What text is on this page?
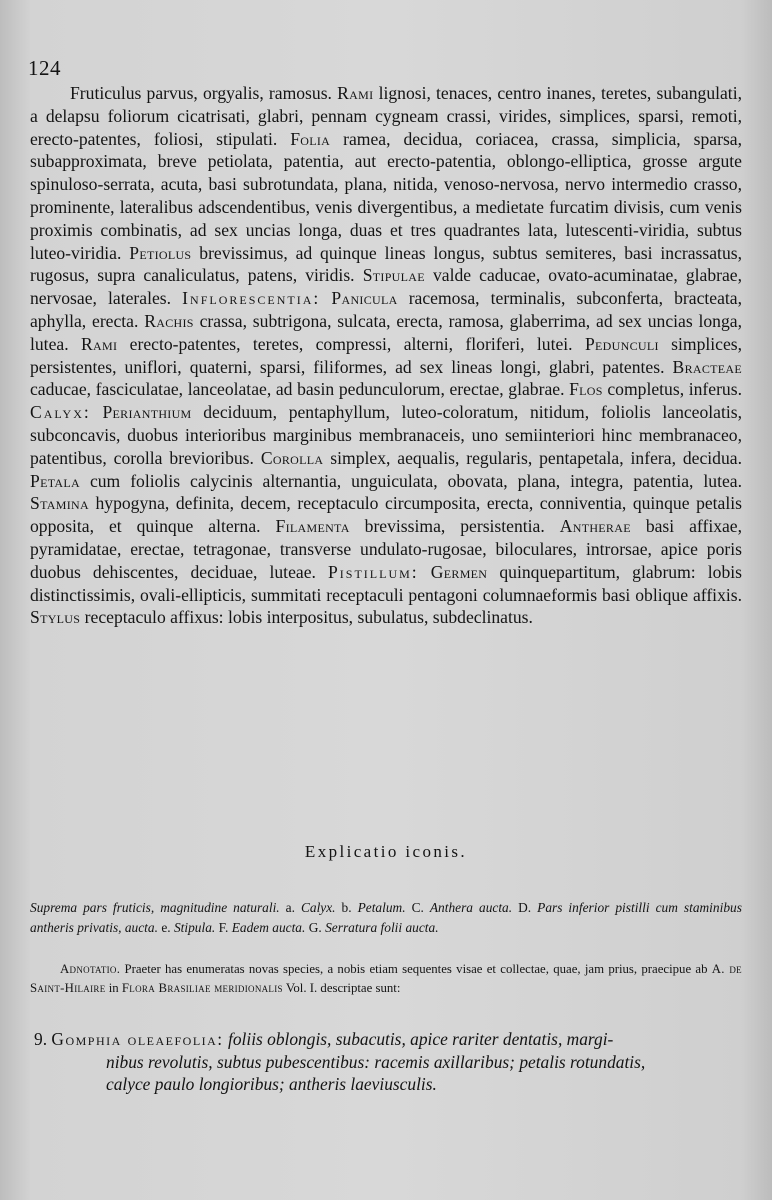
124

Fruticulus parvus, orgyalis, ramosus. Rami lignosi, tenaces, centro inanes, teretes, subangulati, a delapsu foliorum cicatrisati, glabri, pennam cygneam crassi, virides, simplices, sparsi, remoti, erecto-patentes, foliosi, stipulati. Folia ramea, decidua, coriacea, crassa, simplicia, sparsa, subapproximata, breve petiolata, patentia, aut erecto-patentia, oblongo-elliptica, grosse argute spinuloso-serrata, acuta, basi subrotundata, plana, nitida, venoso-nervosa, nervo intermedio crasso, prominente, lateralibus adscendentibus, venis divergentibus, a medietate furcatim divisis, cum venis proximis combinatis, ad sex uncias longa, duas et tres quadrantes lata, lutescenti-viridia, subtus luteo-viridia. Petiolus brevissimus, ad quinque lineas longus, subtus semiteres, basi incrassatus, rugosus, supra canaliculatus, patens, viridis. Stipulae valde caducae, ovato-acuminatae, glabrae, nervosae, laterales. Inflorescentia: Panicula racemosa, terminalis, subconferta, bracteata, aphylla, erecta. Rachis crassa, subtrigona, sulcata, erecta, ramosa, glaberrima, ad sex uncias longa, lutea. Rami erecto-patentes, teretes, compressi, alterni, floriferi, lutei. Pedunculi simplices, persistentes, uniflori, quaterni, sparsi, filiformes, ad sex lineas longi, glabri, patentes. Bracteae caducae, fasciculatae, lanceolatae, ad basin pedunculorum, erectae, glabrae. Flos completus, inferus. Calyx: Perianthium deciduum, pentaphyllum, luteo-coloratum, nitidum, foliolis lanceolatis, subconcavis, duobus interioribus marginibus membranaceis, uno semiinteriori hinc membranaceo, patentibus, corolla brevioribus. Corolla simplex, aequalis, regularis, pentapetala, infera, decidua. Petala cum foliolis calycinis alternantia, unguiculata, obovata, plana, integra, patentia, lutea. Stamina hypogyna, definita, decem, receptaculo circumposita, erecta, conniventia, quinque petalis opposita, et quinque alterna. Filamenta brevissima, persistentia. Antherae basi affixae, pyramidatae, erectae, tetragonae, transverse undulato-rugosae, biloculares, introrsae, apice poris duobus dehiscentes, deciduae, luteae. Pistillum: Germen quinquepartitum, glabrum: lobis distinctissimis, ovali-ellipticis, summitati receptaculi pentagoni columnaeformis basi oblique affixis. Stylus receptaculo affixus: lobis interpositus, subulatus, subdeclinatus.

Explicatio iconis.

Suprema pars fruticis, magnitudine naturali. a. Calyx. b. Petalum. C. Anthera aucta. D. Pars inferior pistilli cum staminibus antheris privatis, aucta. e. Stipula. F. Eadem aucta. G. Serratura folii aucta.

Adnotatio. Praeter has enumeratas novas species, a nobis etiam sequentes visae et collectae, quae, jam prius, praecipue ab A. de Saint-Hilaire in Flora Brasiliae meridionalis Vol. I. descriptae sunt:

9. Gomphia oleaefolia: foliis oblongis, subacutis, apice rariter dentatis, margi-
nibus revolutis, subtus pubescentibus: racemis axillaribus; petalis rotundatis,
calyce paulo longioribus; antheris laeviusculis.
